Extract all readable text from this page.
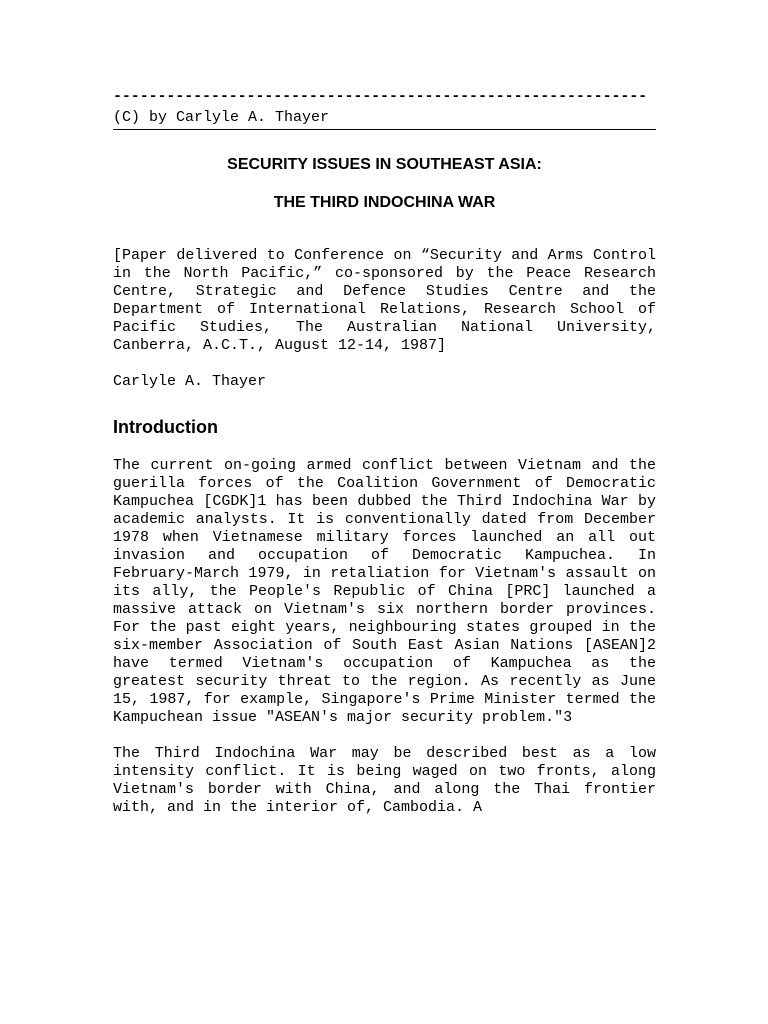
------------------------------------------------------------
(C) by Carlyle A. Thayer
SECURITY ISSUES IN SOUTHEAST ASIA:
THE THIRD INDOCHINA WAR
[Paper delivered to Conference on “Security and Arms Control in the North Pacific,” co-sponsored by the Peace Research Centre, Strategic and Defence Studies Centre and the Department of International Relations, Research School of Pacific Studies, The Australian National University, Canberra, A.C.T., August 12-14, 1987]
Carlyle A. Thayer
Introduction
The current on-going armed conflict between Vietnam and the guerilla forces of the Coalition Government of Democratic Kampuchea [CGDK]1 has been dubbed the Third Indochina War by academic analysts. It is conventionally dated from December 1978 when Vietnamese military forces launched an all out invasion and occupation of Democratic Kampuchea. In February-March 1979, in retaliation for Vietnam's assault on its ally, the People's Republic of China [PRC] launched a massive attack on Vietnam's six northern border provinces. For the past eight years, neighbouring states grouped in the six-member Association of South East Asian Nations [ASEAN]2 have termed Vietnam's occupation of Kampuchea as the greatest security threat to the region. As recently as June 15, 1987, for example, Singapore's Prime Minister termed the Kampuchean issue "ASEAN's major security problem."3
The Third Indochina War may be described best as a low intensity conflict. It is being waged on two fronts, along Vietnam's border with China, and along the Thai frontier with, and in the interior of, Cambodia. A
